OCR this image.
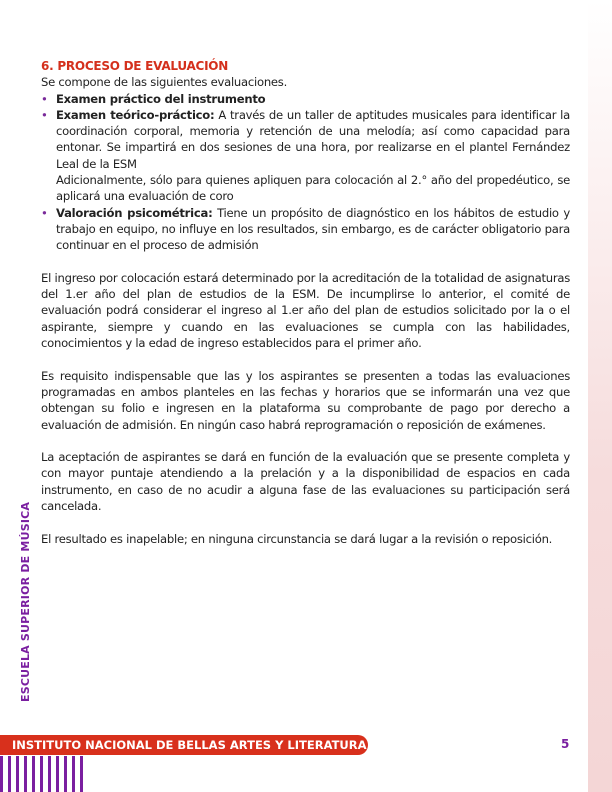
6. PROCESO DE EVALUACIÓN

Se compone de las siguientes evaluaciones.

• Examen práctico del instrumento
• Examen teórico-práctico: A través de un taller de aptitudes musicales para identificar la coordinación corporal, memoria y retención de una melodía; así como capacidad para entonar. Se impartirá en dos sesiones de una hora, por realizarse en el plantel Fernández Leal de la ESM
Adicionalmente, sólo para quienes apliquen para colocación al 2.° año del propedéutico, se aplicará una evaluación de coro
• Valoración psicométrica: Tiene un propósito de diagnóstico en los hábitos de estudio y trabajo en equipo, no influye en los resultados, sin embargo, es de carácter obligatorio para continuar en el proceso de admisión

El ingreso por colocación estará determinado por la acreditación de la totalidad de asignaturas del 1.er año del plan de estudios de la ESM. De incumplirse lo anterior, el comité de evaluación podrá considerar el ingreso al 1.er año del plan de estudios solicitado por la o el aspirante, siempre y cuando en las evaluaciones se cumpla con las habilidades, conocimientos y la edad de ingreso establecidos para el primer año.

Es requisito indispensable que las y los aspirantes se presenten a todas las evaluaciones programadas en ambos planteles en las fechas y horarios que se informarán una vez que obtengan su folio e ingresen en la plataforma su comprobante de pago por derecho a evaluación de admisión. En ningún caso habrá reprogramación o reposición de exámenes.

La aceptación de aspirantes se dará en función de la evaluación que se presente completa y con mayor puntaje atendiendo a la prelación y a la disponibilidad de espacios en cada instrumento, en caso de no acudir a alguna fase de las evaluaciones su participación será cancelada.

El resultado es inapelable; en ninguna circunstancia se dará lugar a la revisión o reposición.

ESCUELA SUPERIOR DE MÚSICA
INSTITUTO NACIONAL DE BELLAS ARTES Y LITERATURA	5
